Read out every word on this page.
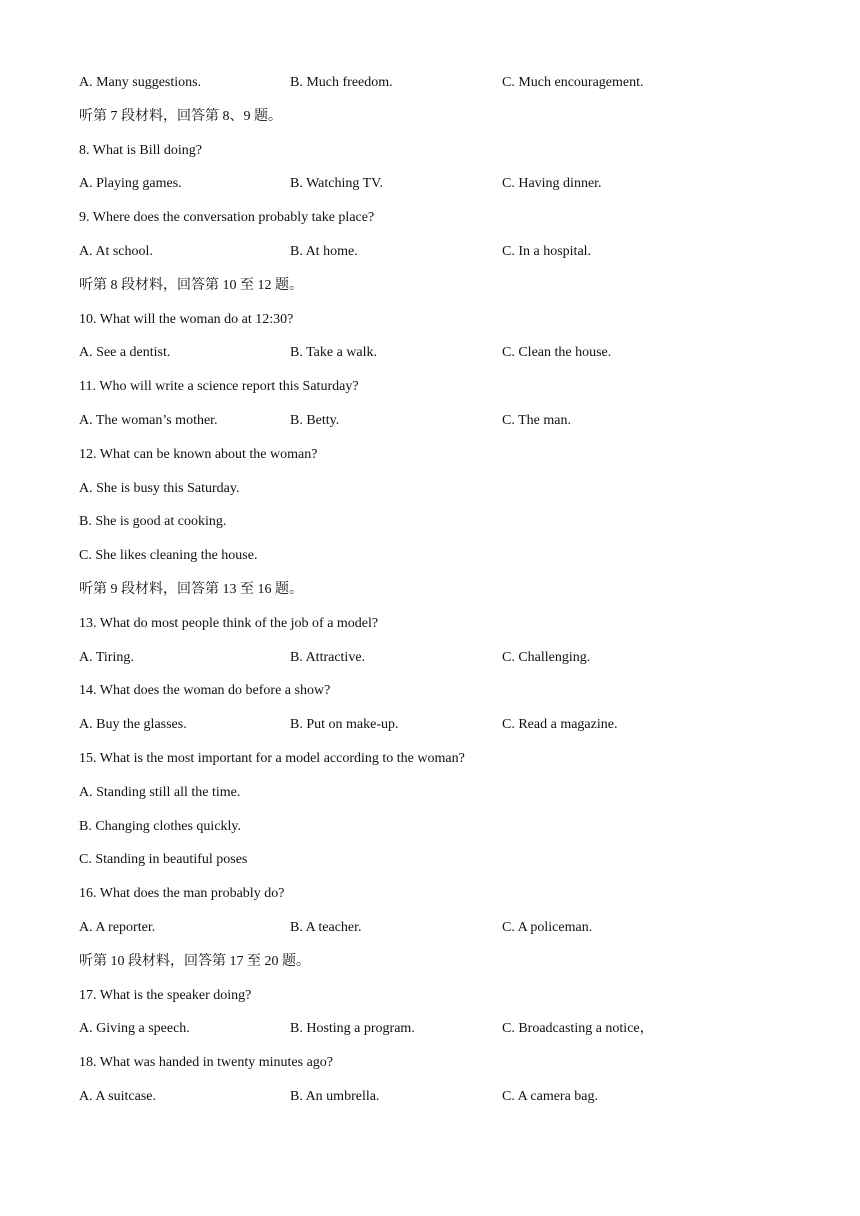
A. Many suggestions.	B. Much freedom.	C. Much encouragement.
听第 7 段材料，回答第 8、9 题。
8. What is Bill doing?
A. Playing games.	B. Watching TV.	C. Having dinner.
9. Where does the conversation probably take place?
A. At school.	B. At home.	C. In a hospital.
听第 8 段材料，回答第 10 至 12 题。
10. What will the woman do at 12:30?
A. See a dentist.	B. Take a walk.	C. Clean the house.
11. Who will write a science report this Saturday?
A. The woman’s mother.	B. Betty.	C. The man.
12. What can be known about the woman?
A. She is busy this Saturday.
B. She is good at cooking.
C. She likes cleaning the house.
听第 9 段材料，回答第 13 至 16 题。
13. What do most people think of the job of a model?
A. Tiring.	B. Attractive.	C. Challenging.
14. What does the woman do before a show?
A. Buy the glasses.	B. Put on make-up.	C. Read a magazine.
15. What is the most important for a model according to the woman?
A. Standing still all the time.
B. Changing clothes quickly.
C. Standing in beautiful poses
16. What does the man probably do?
A. A reporter.	B. A teacher.	C. A policeman.
听第 10 段材料，回答第 17 至 20 题。
17. What is the speaker doing?
A. Giving a speech.	B. Hosting a program.	C. Broadcasting a notice，
18. What was handed in twenty minutes ago?
A. A suitcase.	B. An umbrella.	C. A camera bag.
